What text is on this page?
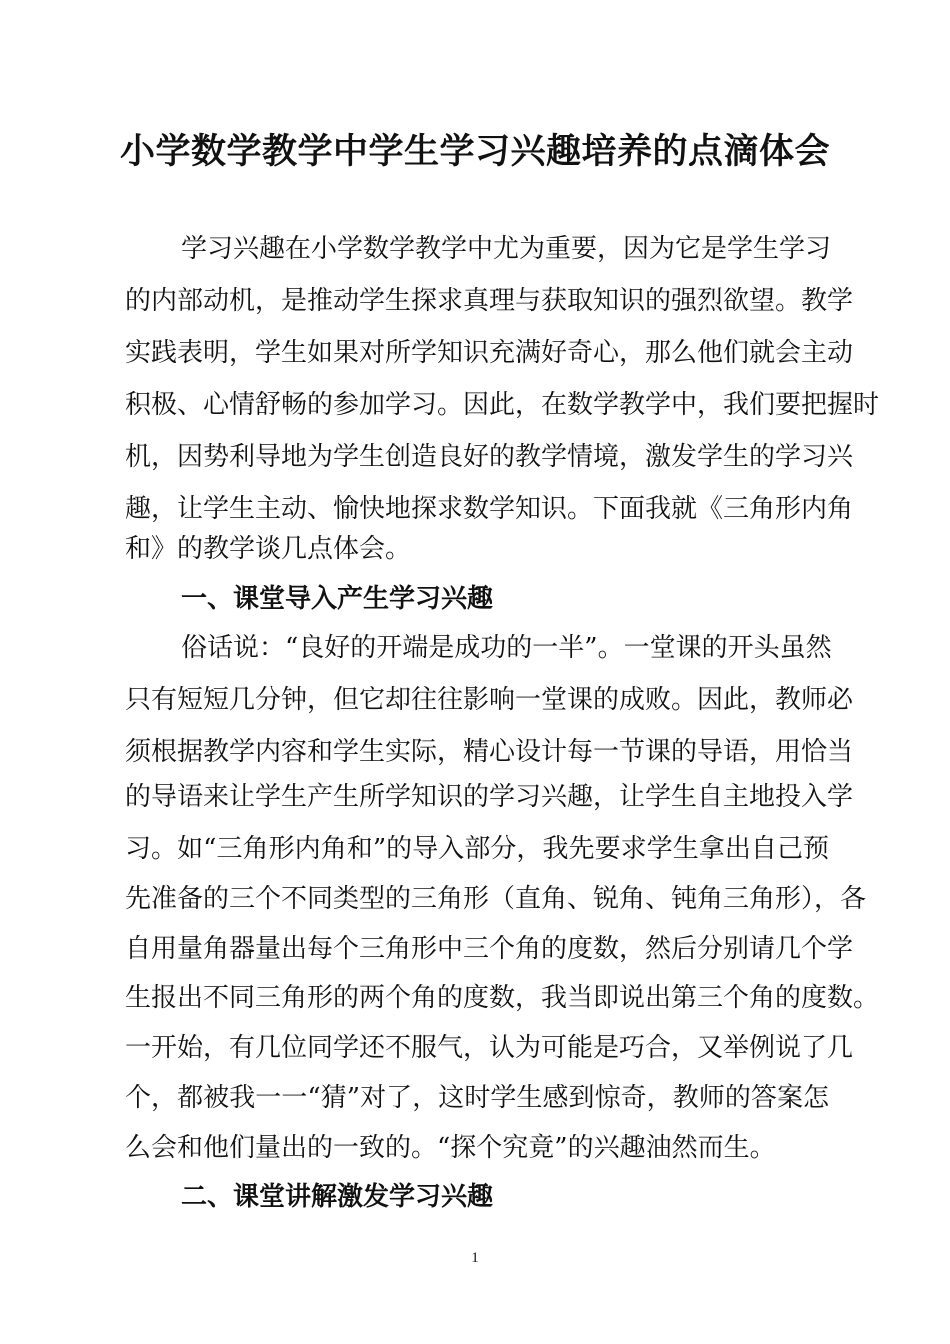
小学数学教学中学生学习兴趣培养的点滴体会
学习兴趣在小学数学教学中尤为重要，因为它是学生学习
的内部动机，是推动学生探求真理与获取知识的强烈欲望。教学
实践表明，学生如果对所学知识充满好奇心，那么他们就会主动
积极、心情舒畅的参加学习。因此，在数学教学中，我们要把握时
机，因势利导地为学生创造良好的教学情境，激发学生的学习兴
趣，让学生主动、愉快地探求数学知识。下面我就《三角形内角
和》的教学谈几点体会。
一、课堂导入产生学习兴趣
俗话说：“良好的开端是成功的一半”。一堂课的开头虽然
只有短短几分钟，但它却往往影响一堂课的成败。因此，教师必
须根据教学内容和学生实际，精心设计每一节课的导语，用恰当
的导语来让学生产生所学知识的学习兴趣，让学生自主地投入学
习。如“三角形内角和”的导入部分，我先要求学生拿出自己预
先准备的三个不同类型的三角形（直角、锐角、钝角三角形），各
自用量角器量出每个三角形中三个角的度数，然后分别请几个学
生报出不同三角形的两个角的度数，我当即说出第三个角的度数。
一开始，有几位同学还不服气，认为可能是巧合，又举例说了几
个，都被我一一“猜”对了，这时学生感到惊奇，教师的答案怎
么会和他们量出的一致的。“探个究竟”的兴趣油然而生。
二、课堂讲解激发学习兴趣
1
